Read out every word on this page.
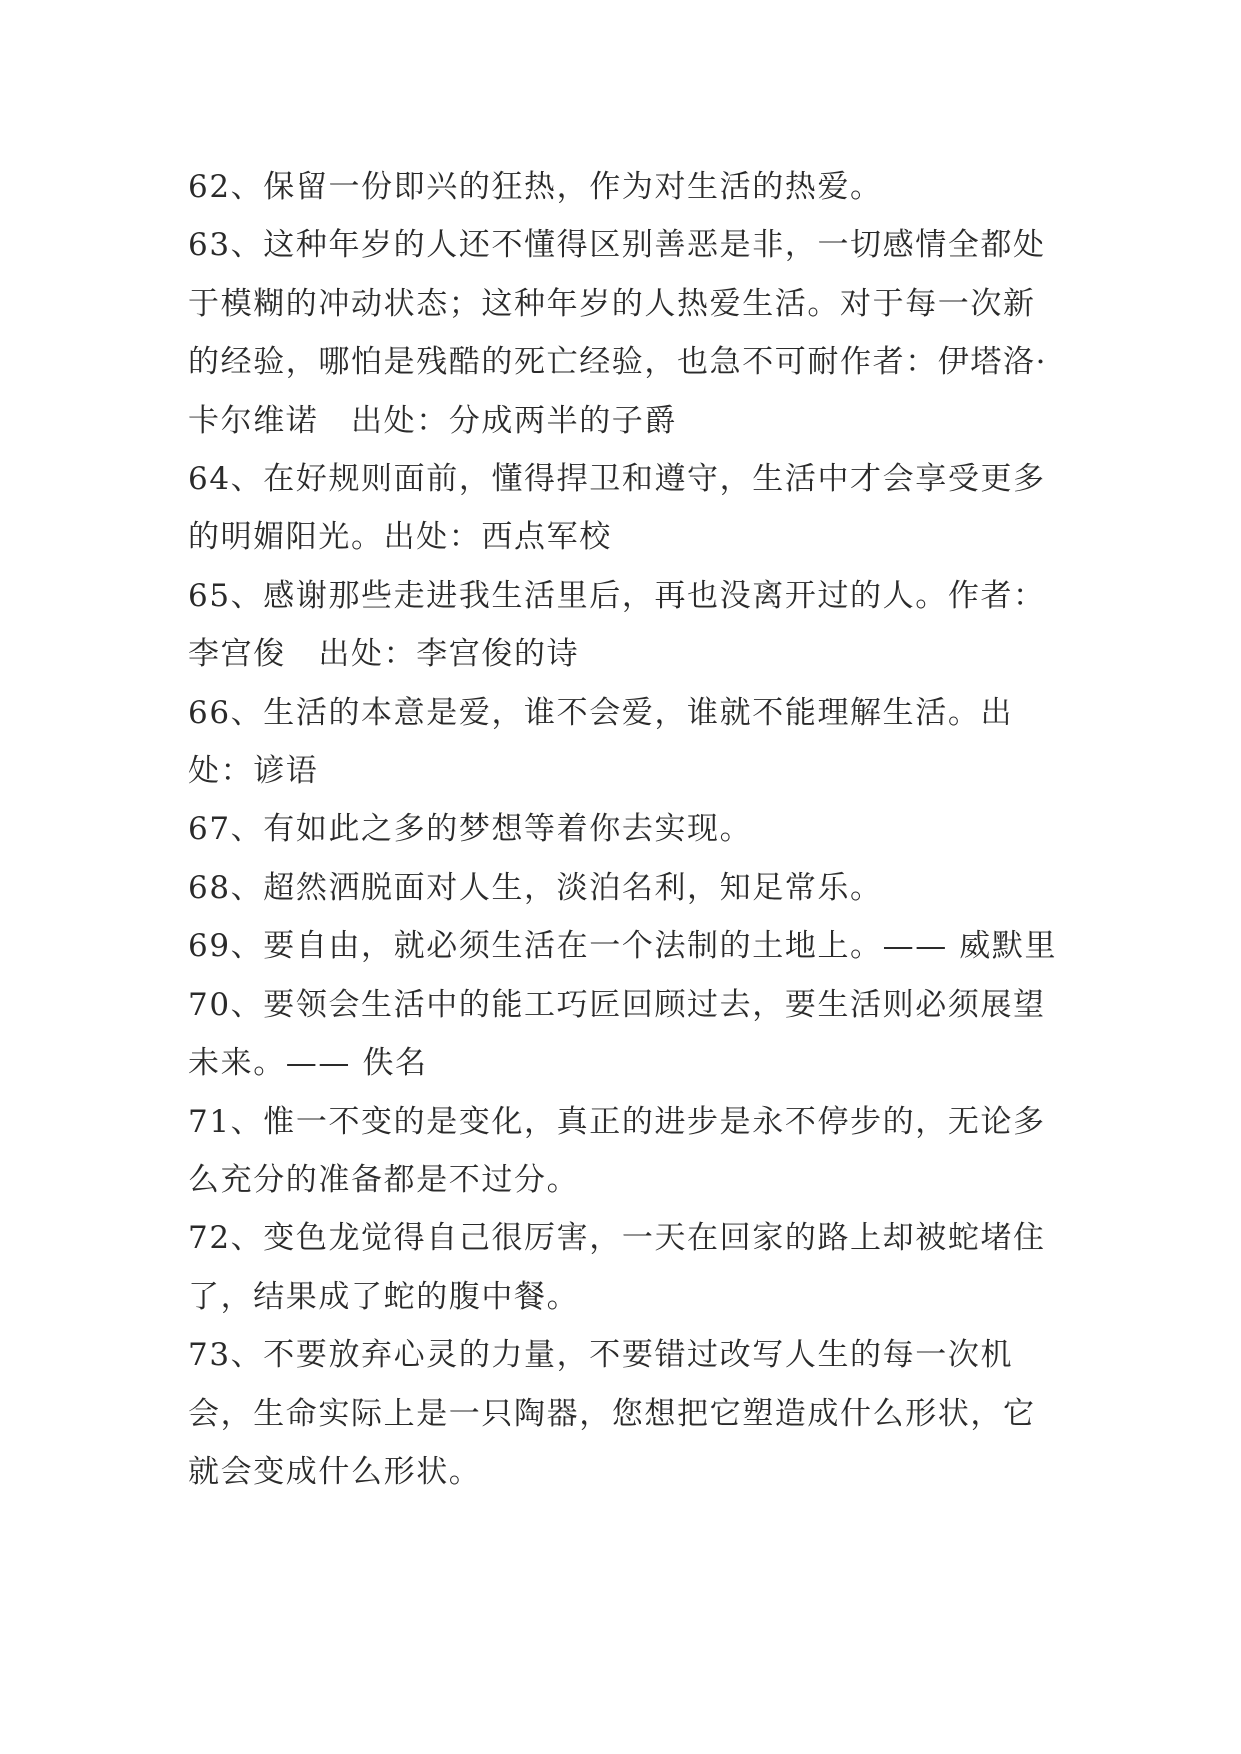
62、保留一份即兴的狂热，作为对生活的热爱。

63、这种年岁的人还不懂得区别善恶是非，一切感情全都处于模糊的冲动状态；这种年岁的人热爱生活。对于每一次新的经验，哪怕是残酷的死亡经验，也急不可耐作者：伊塔洛·卡尔维诺　出处：分成两半的子爵

64、在好规则面前，懂得捍卫和遵守，生活中才会享受更多的明媚阳光。出处：西点军校

65、感谢那些走进我生活里后，再也没离开过的人。作者：李宫俊　出处：李宫俊的诗

66、生活的本意是爱，谁不会爱，谁就不能理解生活。出处：谚语

67、有如此之多的梦想等着你去实现。

68、超然洒脱面对人生，淡泊名利，知足常乐。

69、要自由，就必须生活在一个法制的土地上。—— 威默里

70、要领会生活中的能工巧匠回顾过去，要生活则必须展望未来。—— 佚名

71、惟一不变的是变化，真正的进步是永不停步的，无论多么充分的准备都是不过分。

72、变色龙觉得自己很厉害，一天在回家的路上却被蛇堵住了，结果成了蛇的腹中餐。

73、不要放弃心灵的力量，不要错过改写人生的每一次机会，生命实际上是一只陶器，您想把它塑造成什么形状，它就会变成什么形状。
